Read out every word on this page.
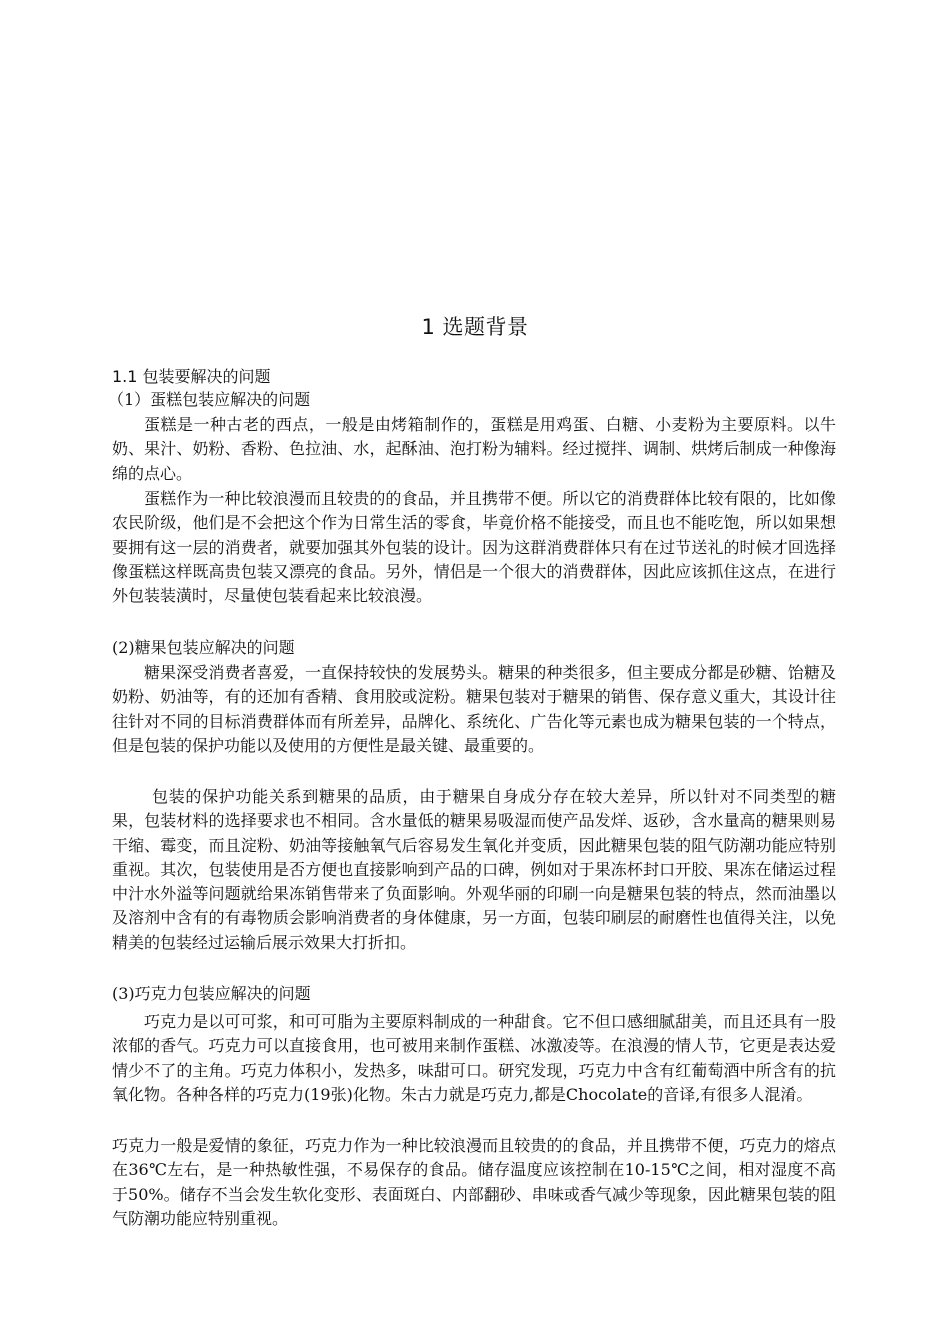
1 选题背景
1.1 包装要解决的问题
（1）蛋糕包装应解决的问题

蛋糕是一种古老的西点，一般是由烤箱制作的，蛋糕是用鸡蛋、白糖、小麦粉为主要原料。以牛奶、果汁、奶粉、香粉、色拉油、水，起酥油、泡打粉为辅料。经过搅拌、调制、烘烤后制成一种像海绵的点心。

蛋糕作为一种比较浪漫而且较贵的的食品，并且携带不便。所以它的消费群体比较有限的，比如像农民阶级，他们是不会把这个作为日常生活的零食，毕竟价格不能接受，而且也不能吃饱，所以如果想要拥有这一层的消费者，就要加强其外包装的设计。因为这群消费群体只有在过节送礼的时候才回选择像蛋糕这样既高贵包装又漂亮的食品。另外，情侣是一个很大的消费群体，因此应该抓住这点，在进行外包装装潢时，尽量使包装看起来比较浪漫。

(2)糖果包装应解决的问题

糖果深受消费者喜爱，一直保持较快的发展势头。糖果的种类很多，但主要成分都是砂糖、饴糖及奶粉、奶油等，有的还加有香精、食用胶或淀粉。糖果包装对于糖果的销售、保存意义重大，其设计往往针对不同的目标消费群体而有所差异，品牌化、系统化、广告化等元素也成为糖果包装的一个特点，但是包装的保护功能以及使用的方便性是最关键、最重要的。

包装的保护功能关系到糖果的品质，由于糖果自身成分存在较大差异，所以针对不同类型的糖果，包装材料的选择要求也不相同。含水量低的糖果易吸湿而使产品发烊、返砂，含水量高的糖果则易干缩、霉变，而且淀粉、奶油等接触氧气后容易发生氧化并变质，因此糖果包装的阻气防潮功能应特别重视。其次，包装使用是否方便也直接影响到产品的口碑，例如对于果冻杯封口开胶、果冻在储运过程中汁水外溢等问题就给果冻销售带来了负面影响。外观华丽的印刷一向是糖果包装的特点，然而油墨以及溶剂中含有的有毒物质会影响消费者的身体健康，另一方面，包装印刷层的耐磨性也值得关注，以免精美的包装经过运输后展示效果大打折扣。

(3)巧克力包装应解决的问题

巧克力是以可可浆，和可可脂为主要原料制成的一种甜食。它不但口感细腻甜美，而且还具有一股浓郁的香气。巧克力可以直接食用，也可被用来制作蛋糕、冰激凌等。在浪漫的情人节，它更是表达爱情少不了的主角。巧克力体积小，发热多，味甜可口。研究发现，巧克力中含有红葡萄酒中所含有的抗氧化物。各种各样的巧克力(19张)化物。朱古力就是巧克力,都是Chocolate的音译,有很多人混淆。

巧克力一般是爱情的象征，巧克力作为一种比较浪漫而且较贵的的食品，并且携带不便，巧克力的熔点在36℃左右，是一种热敏性强，不易保存的食品。储存温度应该控制在10-15℃之间，相对湿度不高于50%。储存不当会发生软化变形、表面斑白、内部翻砂、串味或香气减少等现象，因此糖果包装的阻气防潮功能应特别重视。
